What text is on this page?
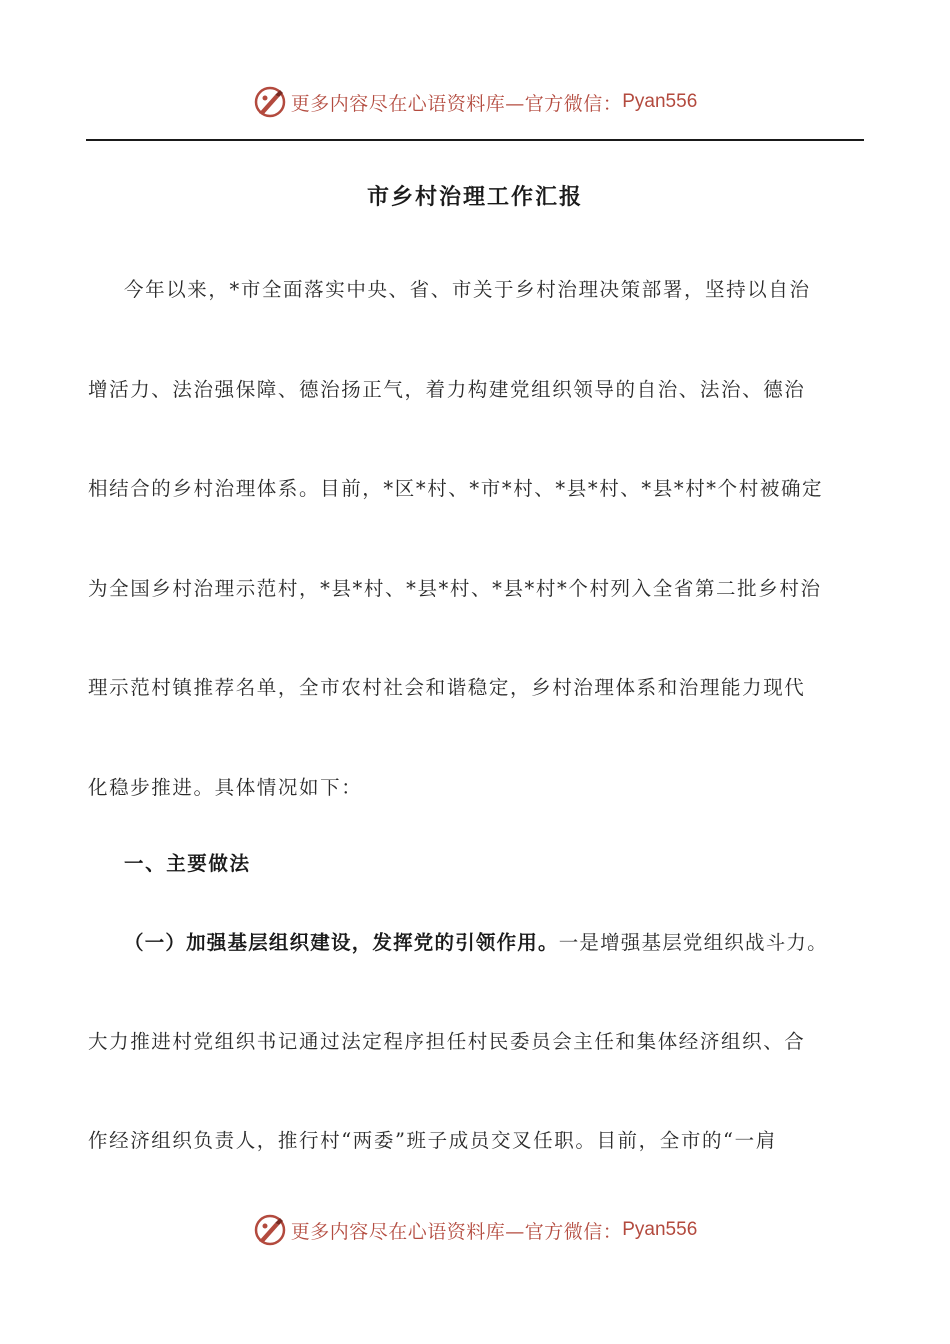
更多内容尽在心语资料库—官方微信： Pyan556
市乡村治理工作汇报
今年以来，*市全面落实中央、省、市关于乡村治理决策部署，坚持以自治
增活力、法治强保障、德治扬正气，着力构建党组织领导的自治、法治、德治
相结合的乡村治理体系。目前，*区*村、*市*村、*县*村、*县*村*个村被确定
为全国乡村治理示范村，*县*村、*县*村、*县*村*个村列入全省第二批乡村治
理示范村镇推荐名单，全市农村社会和谐稳定，乡村治理体系和治理能力现代
化稳步推进。具体情况如下：
一、主要做法
（一）加强基层组织建设，发挥党的引领作用。一是增强基层党组织战斗力。
大力推进村党组织书记通过法定程序担任村民委员会主任和集体经济组织、合
作经济组织负责人，推行村“两委”班子成员交叉任职。目前，全市的“一肩
更多内容尽在心语资料库—官方微信： Pyan556
